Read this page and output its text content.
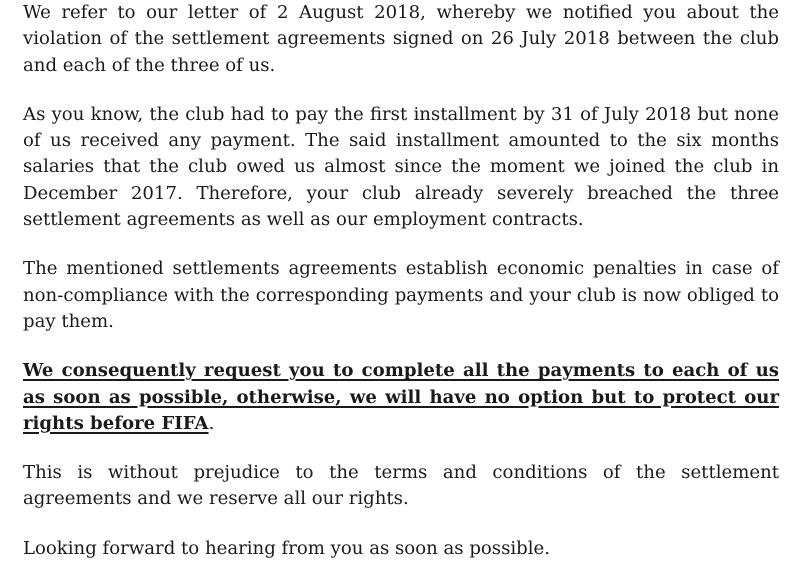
We refer to our letter of 2 August 2018, whereby we notified you about the violation of the settlement agreements signed on 26 July 2018 between the club and each of the three of us.

As you know, the club had to pay the first installment by 31 of July 2018 but none of us received any payment. The said installment amounted to the six months salaries that the club owed us almost since the moment we joined the club in December 2017. Therefore, your club already severely breached the three settlement agreements as well as our employment contracts.

The mentioned settlements agreements establish economic penalties in case of non-compliance with the corresponding payments and your club is now obliged to pay them.

We consequently request you to complete all the payments to each of us as soon as possible, otherwise, we will have no option but to protect our rights before FIFA.

This is without prejudice to the terms and conditions of the settlement agreements and we reserve all our rights.

Looking forward to hearing from you as soon as possible.
